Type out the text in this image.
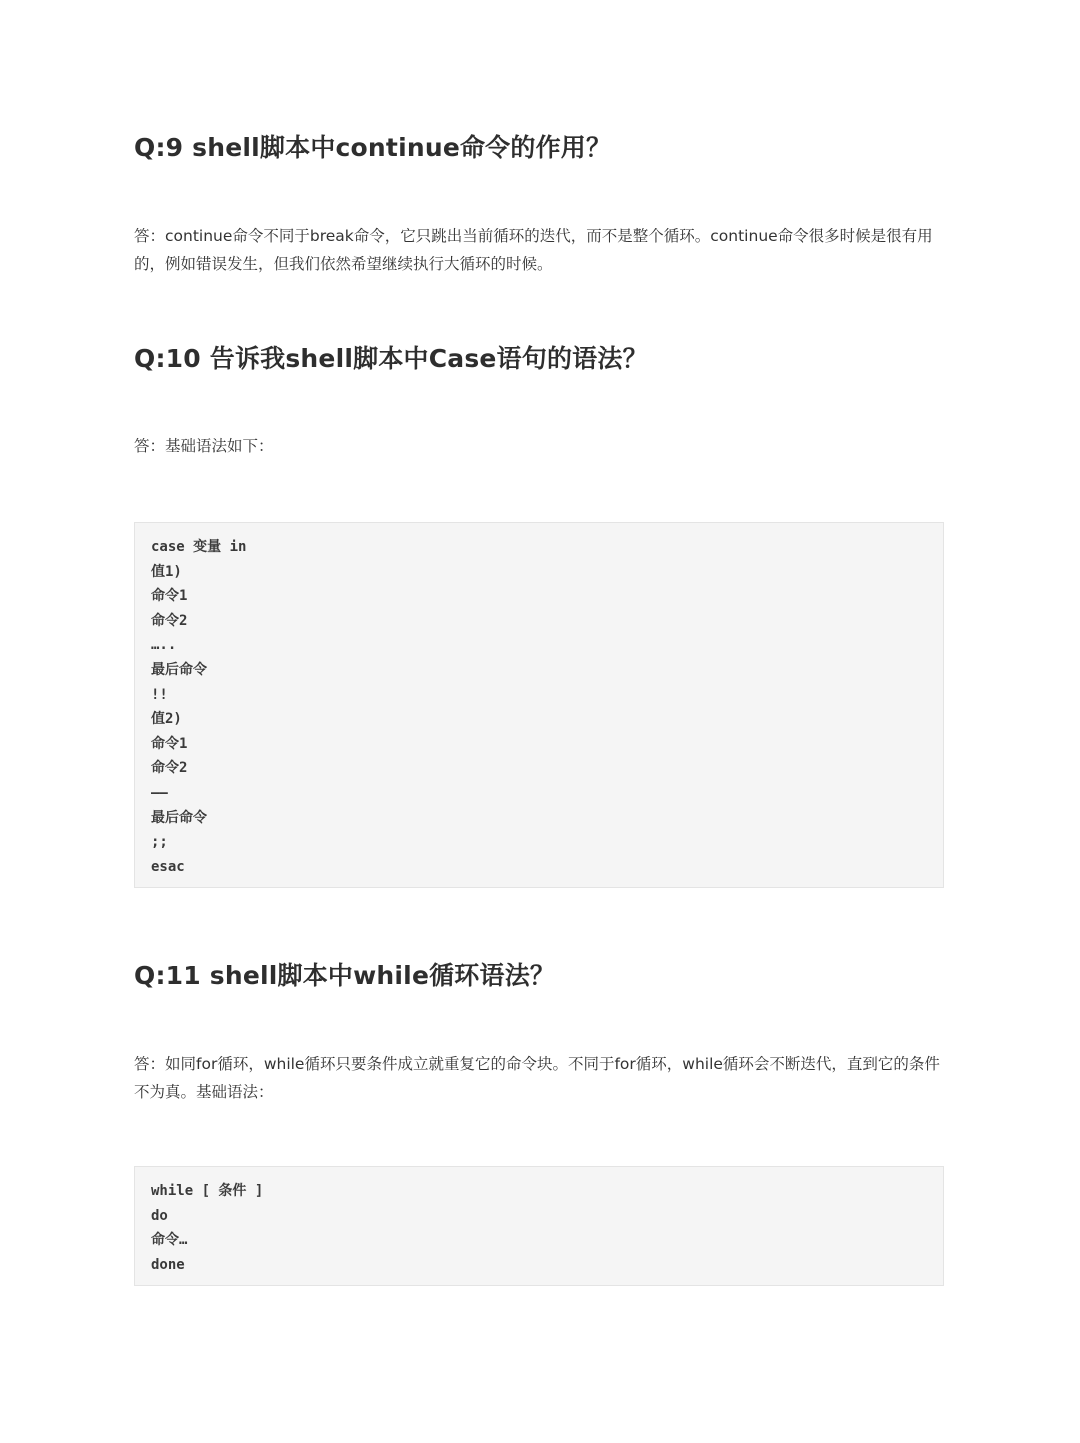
Q:9 shell脚本中continue命令的作用？

答：continue命令不同于break命令，它只跳出当前循环的迭代，而不是整个循环。continue命令很多时候是很有用的，例如错误发生，但我们依然希望继续执行大循环的时候。

Q:10 告诉我shell脚本中Case语句的语法？

答：基础语法如下：

case 变量 in
值1)
命令1
命令2
…..
最后命令
!!
值2)
命令1
命令2
——
最后命令
;;
esac
Q:11 shell脚本中while循环语法？

答：如同for循环，while循环只要条件成立就重复它的命令块。不同于for循环，while循环会不断迭代，直到它的条件不为真。基础语法：

while [ 条件 ]
do
命令…
done
